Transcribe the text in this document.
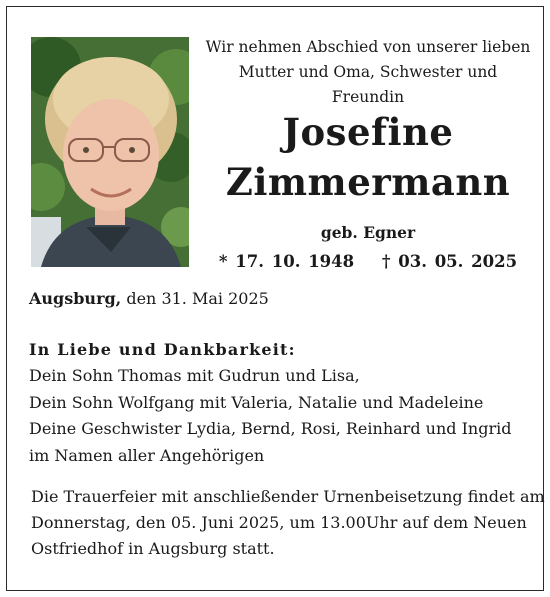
Wir nehmen Abschied von unserer lieben
Mutter und Oma, Schwester und Freundin
Josefine
Zimmermann
geb. Egner
* 17. 10. 1948 † 03. 05. 2025
Augsburg, den 31. Mai 2025
In Liebe und Dankbarkeit:
Dein Sohn Thomas mit Gudrun und Lisa,
Dein Sohn Wolfgang mit Valeria, Natalie und Madeleine
Deine Geschwister Lydia, Bernd, Rosi, Reinhard und Ingrid
im Namen aller Angehörigen
Die Trauerfeier mit anschließender Urnenbeisetzung findet am
Donnerstag, den 05. Juni 2025, um 13.00Uhr auf dem Neuen
Ostfriedhof in Augsburg statt.
